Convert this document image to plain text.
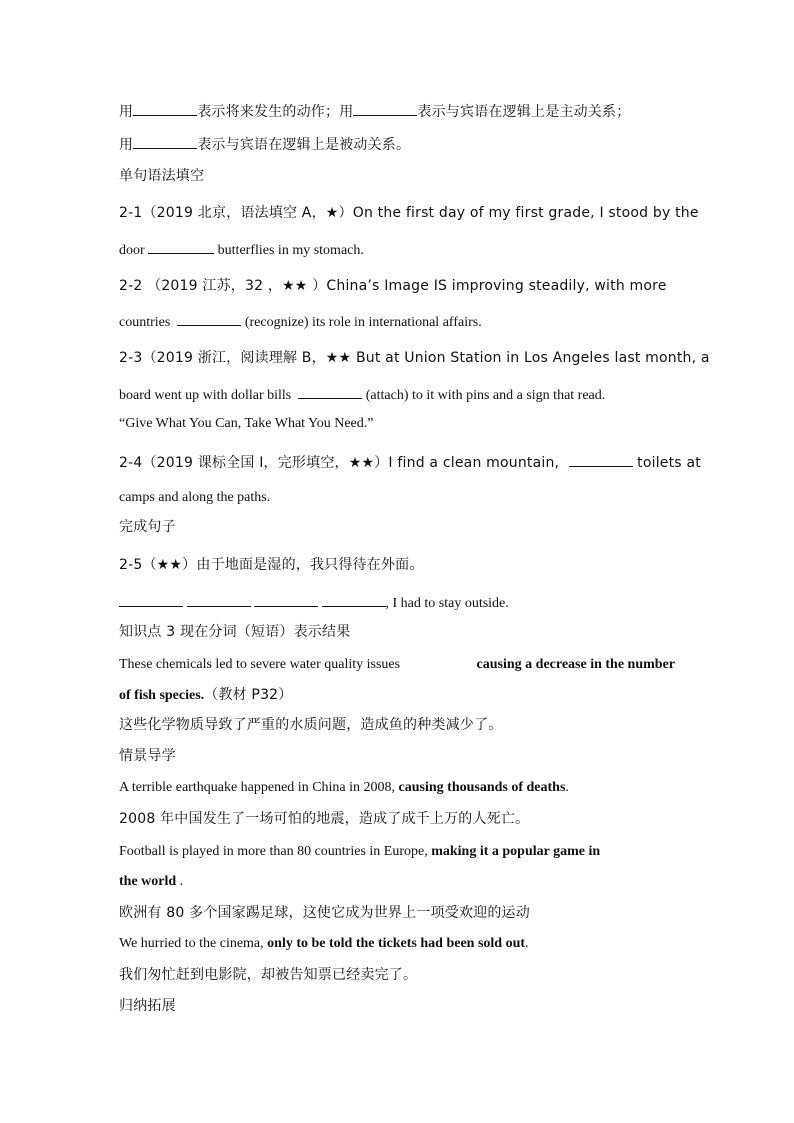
用	表示将来发生的动作；用	表示与宾语在逻辑上是主动关系；
用	表示与宾语在逻辑上是被动关系。
单句语法填空
2-1（2019 北京，语法填空 A，★）On the first day of my first grade, I stood by the
door	butterflies in my stomach.
2-2 （2019 江苏，32 ，★★ ）China’s Image IS improving steadily, with more
countries	(recognize) its role in international affairs.
2-3（2019 浙江，阅读理解 B，★★ But at Union Station in Los Angeles last month, a
board went up with dollar bills	(attach) to it with pins and a sign that read.
“Give What You Can, Take What You Need.”
2-4（2019 课标全国 I，完形填空，★★）I find a clean mountain,	toilets at
camps and along the paths.
完成句子
2-5（★★）由于地面是湿的，我只得待在外面。
, I had to stay outside.
知识点 3 现在分词（短语）表示结果
These chemicals led to severe water quality issues	causing a decrease in the number
of fish species.（教材 P32）
这些化学物质导致了严重的水质问题，造成鱼的种类减少了。
情景导学
A terrible earthquake happened in China in 2008, causing thousands of deaths.
2008 年中国发生了一场可怕的地震，造成了成千上万的人死亡。
Football is played in more than 80 countries in Europe, making it a popular game in
the world .
欧洲有 80 多个国家踢足球，这使它成为世界上一项受欢迎的运动
We hurried to the cinema, only to be told the tickets had been sold out.
我们匆忙赶到电影院，却被告知票已经卖完了。
归纳拓展
